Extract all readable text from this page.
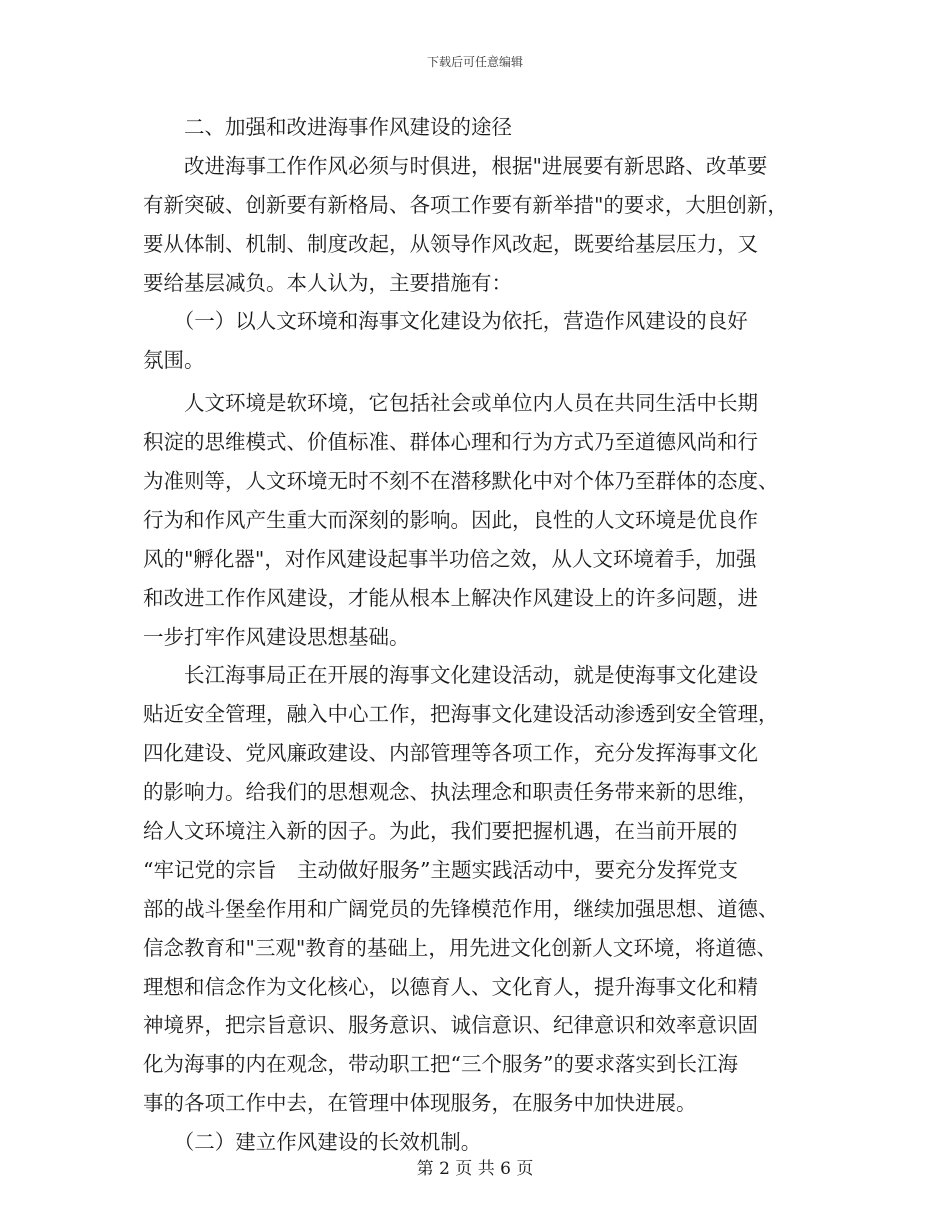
下载后可任意编辑
　　二、加强和改进海事作风建设的途径
　　改进海事工作作风必须与时俱进，根据"进展要有新思路、改革要
有新突破、创新要有新格局、各项工作要有新举措"的要求，大胆创新，
要从体制、机制、制度改起，从领导作风改起，既要给基层压力，又
要给基层减负。本人认为，主要措施有：
　　（一）以人文环境和海事文化建设为依托，营造作风建设的良好
氛围。
　　人文环境是软环境，它包括社会或单位内人员在共同生活中长期
积淀的思维模式、价值标准、群体心理和行为方式乃至道德风尚和行
为准则等，人文环境无时不刻不在潜移默化中对个体乃至群体的态度、
行为和作风产生重大而深刻的影响。因此，良性的人文环境是优良作
风的"孵化器"，对作风建设起事半功倍之效，从人文环境着手，加强
和改进工作作风建设，才能从根本上解决作风建设上的许多问题，进
一步打牢作风建设思想基础。
　　长江海事局正在开展的海事文化建设活动，就是使海事文化建设
贴近安全管理，融入中心工作，把海事文化建设活动渗透到安全管理，
四化建设、党风廉政建设、内部管理等各项工作，充分发挥海事文化
的影响力。给我们的思想观念、执法理念和职责任务带来新的思维，
给人文环境注入新的因子。为此，我们要把握机遇，在当前开展的
“牢记党的宗旨　主动做好服务”主题实践活动中，要充分发挥党支
部的战斗堡垒作用和广阔党员的先锋模范作用，继续加强思想、道德、
信念教育和"三观"教育的基础上，用先进文化创新人文环境，将道德、
理想和信念作为文化核心，以德育人、文化育人，提升海事文化和精
神境界，把宗旨意识、服务意识、诚信意识、纪律意识和效率意识固
化为海事的内在观念，带动职工把“三个服务”的要求落实到长江海
事的各项工作中去，在管理中体现服务，在服务中加快进展。
　　（二）建立作风建设的长效机制。
第 2 页 共 6 页
